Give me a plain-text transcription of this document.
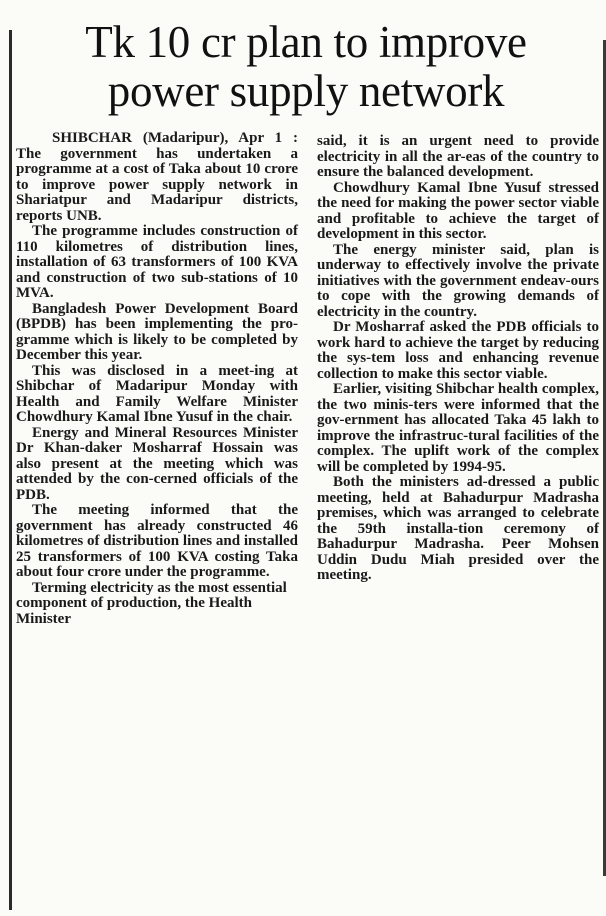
Tk 10 cr plan to improve
power supply network

SHIBCHAR (Madaripur), Apr 1 : The government has undertaken a programme at a cost of Taka about 10 crore to improve power supply network in Shariatpur and Madaripur districts, reports UNB.

The programme includes construction of 110 kilometres of distribution lines, installation of 63 transformers of 100 KVA and construction of two sub-stations of 10 MVA.

Bangladesh Power Development Board (BPDB) has been implementing the pro-gramme which is likely to be completed by December this year.

This was disclosed in a meet-ing at Shibchar of Madaripur Monday with Health and Family Welfare Minister Chowdhury Kamal Ibne Yusuf in the chair.

Energy and Mineral Resources Minister Dr Khan-daker Mosharraf Hossain was also present at the meeting which was attended by the con-cerned officials of the PDB.

The meeting informed that the government has already constructed 46 kilometres of distribution lines and installed 25 transformers of 100 KVA costing Taka about four crore under the programme.

Terming electricity as the most essential component of production, the Health Minister

said, it is an urgent need to provide electricity in all the ar-eas of the country to ensure the balanced development.

Chowdhury Kamal Ibne Yusuf stressed the need for making the power sector viable and profitable to achieve the target of development in this sector.

The energy minister said, plan is underway to effectively involve the private initiatives with the government endeav-ours to cope with the growing demands of electricity in the country.

Dr Mosharraf asked the PDB officials to work hard to achieve the target by reducing the sys-tem loss and enhancing revenue collection to make this sector viable.

Earlier, visiting Shibchar health complex, the two minis-ters were informed that the gov-ernment has allocated Taka 45 lakh to improve the infrastruc-tural facilities of the complex. The uplift work of the complex will be completed by 1994-95.

Both the ministers ad-dressed a public meeting, held at Bahadurpur Madrasha premises, which was arranged to celebrate the 59th installa-tion ceremony of Bahadurpur Madrasha. Peer Mohsen Uddin Dudu Miah presided over the meeting.
